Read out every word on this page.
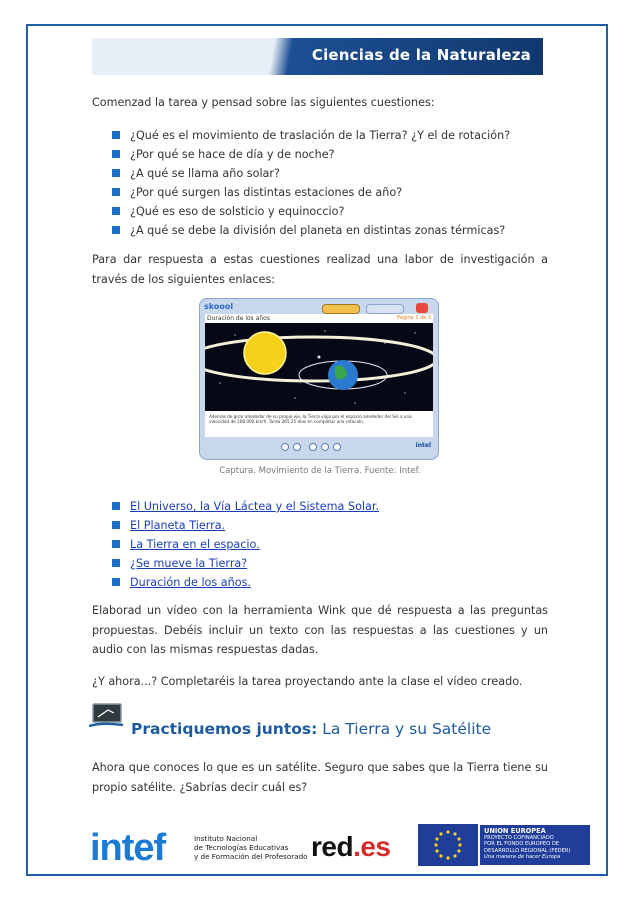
Ciencias de la Naturaleza
Comenzad la tarea y pensad sobre las siguientes cuestiones:
¿Qué es el movimiento de traslación de la Tierra? ¿Y el de rotación?
¿Por qué se hace de día y de noche?
¿A qué se llama año solar?
¿Por qué surgen las distintas estaciones de año?
¿Qué es eso de solsticio y equinoccio?
¿A qué se debe la división del planeta en distintas zonas térmicas?
Para dar respuesta a estas cuestiones realizad una labor de investigación a través de los siguientes enlaces:
skoool
Duración de los años	Página 1 de 3
Además de girar alrededor de su propio eje, la Tierra viaja por el espacio alrededor del Sol a una velocidad de 108.000 km/h. Tarda 365.25 días en completar una rotación.
intel
Captura. Movimiento de la Tierra. Fuente: Intef.
El Universo, la Vía Láctea y el Sistema Solar.
El Planeta Tierra.
La Tierra en el espacio.
¿Se mueve la Tierra?
Duración de los años.
Elaborad un vídeo con la herramienta Wink que dé respuesta a las preguntas propuestas. Debéis incluir un texto con las respuestas a las cuestiones y un audio con las mismas respuestas dadas.
¿Y ahora...? Completaréis la tarea proyectando ante la clase el vídeo creado.
Practiquemos juntos: La Tierra y su Satélite
Ahora que conoces lo que es un satélite. Seguro que sabes que la Tierra tiene su propio satélite. ¿Sabrías decir cuál es?
intef	Instituto Nacional
de Tecnologías Educativas
y de Formación del Profesorado red.es	UNION EUROPEA
PROYECTO COFINANCIADO
POR EL FONDO EUROPEO DE
DESARROLLO REGIONAL (FEDER)
Una manera de hacer Europa
